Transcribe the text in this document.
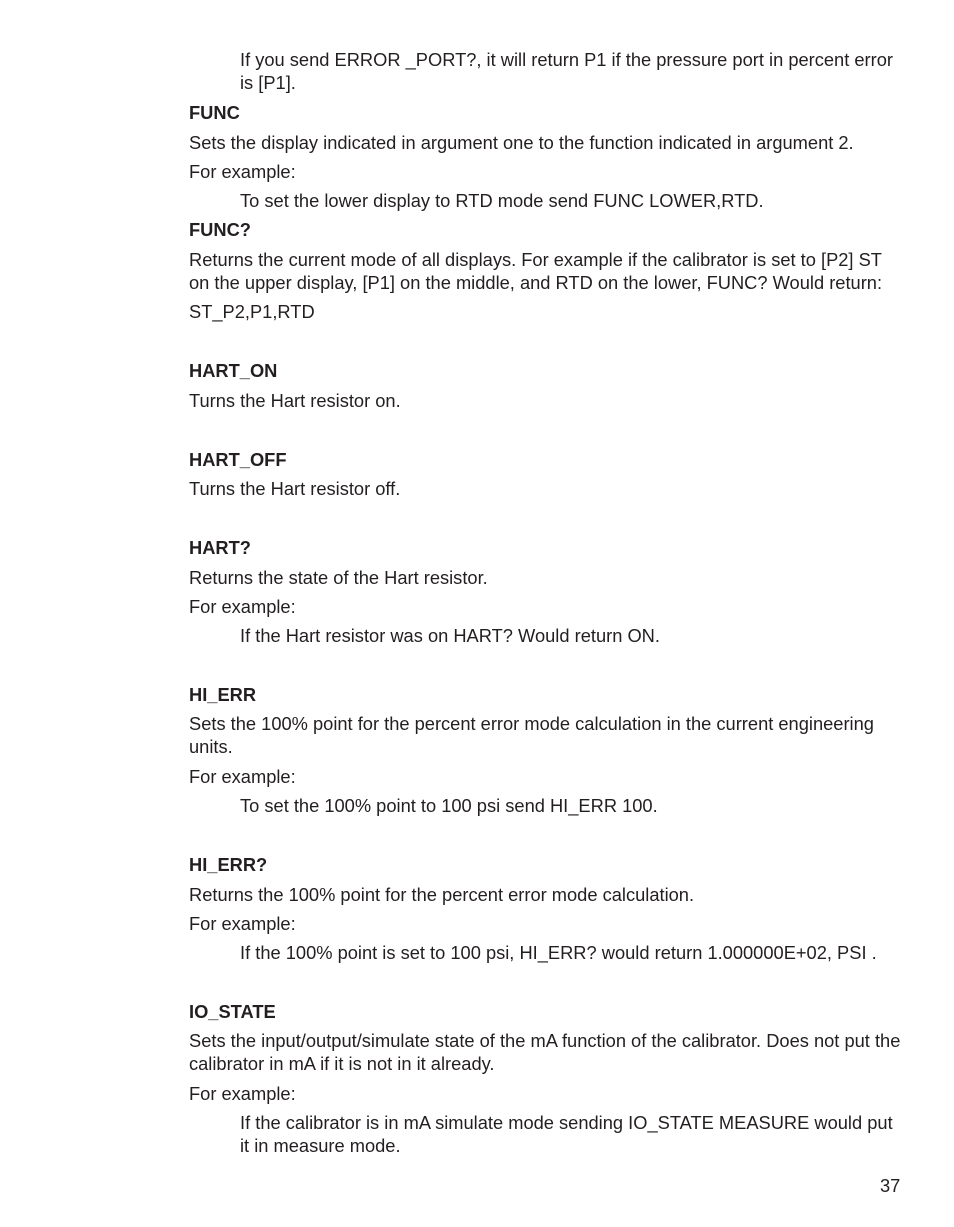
If you send ERROR _PORT?, it will return P1 if the pressure port in percent error is [P1].

FUNC

Sets the display indicated in argument one to the function indicated in argument 2.

For example:

To set the lower display to RTD mode send FUNC LOWER,RTD.

FUNC?

Returns the current mode of all displays. For example if the calibrator is set to [P2] ST on the upper display, [P1] on the middle, and RTD on the lower, FUNC? Would return:

ST_P2,P1,RTD

HART_ON

Turns the Hart resistor on.

HART_OFF

Turns the Hart resistor off.

HART?

Returns the state of the Hart resistor.

For example:

If the Hart resistor was on HART? Would return ON.

HI_ERR

Sets the 100% point for the percent error mode calculation in the current engineering units.

For example:

To set the 100% point to 100 psi send HI_ERR 100.

HI_ERR?

Returns the 100% point for the percent error mode calculation.

For example:

If the 100% point is set to 100 psi, HI_ERR? would return 1.000000E+02, PSI .

IO_STATE

Sets the input/output/simulate state of the mA function of the calibrator. Does not put the calibrator in mA if it is not in it already.

For example:

If the calibrator is in mA simulate mode sending IO_STATE MEASURE would put it in measure mode.

37
